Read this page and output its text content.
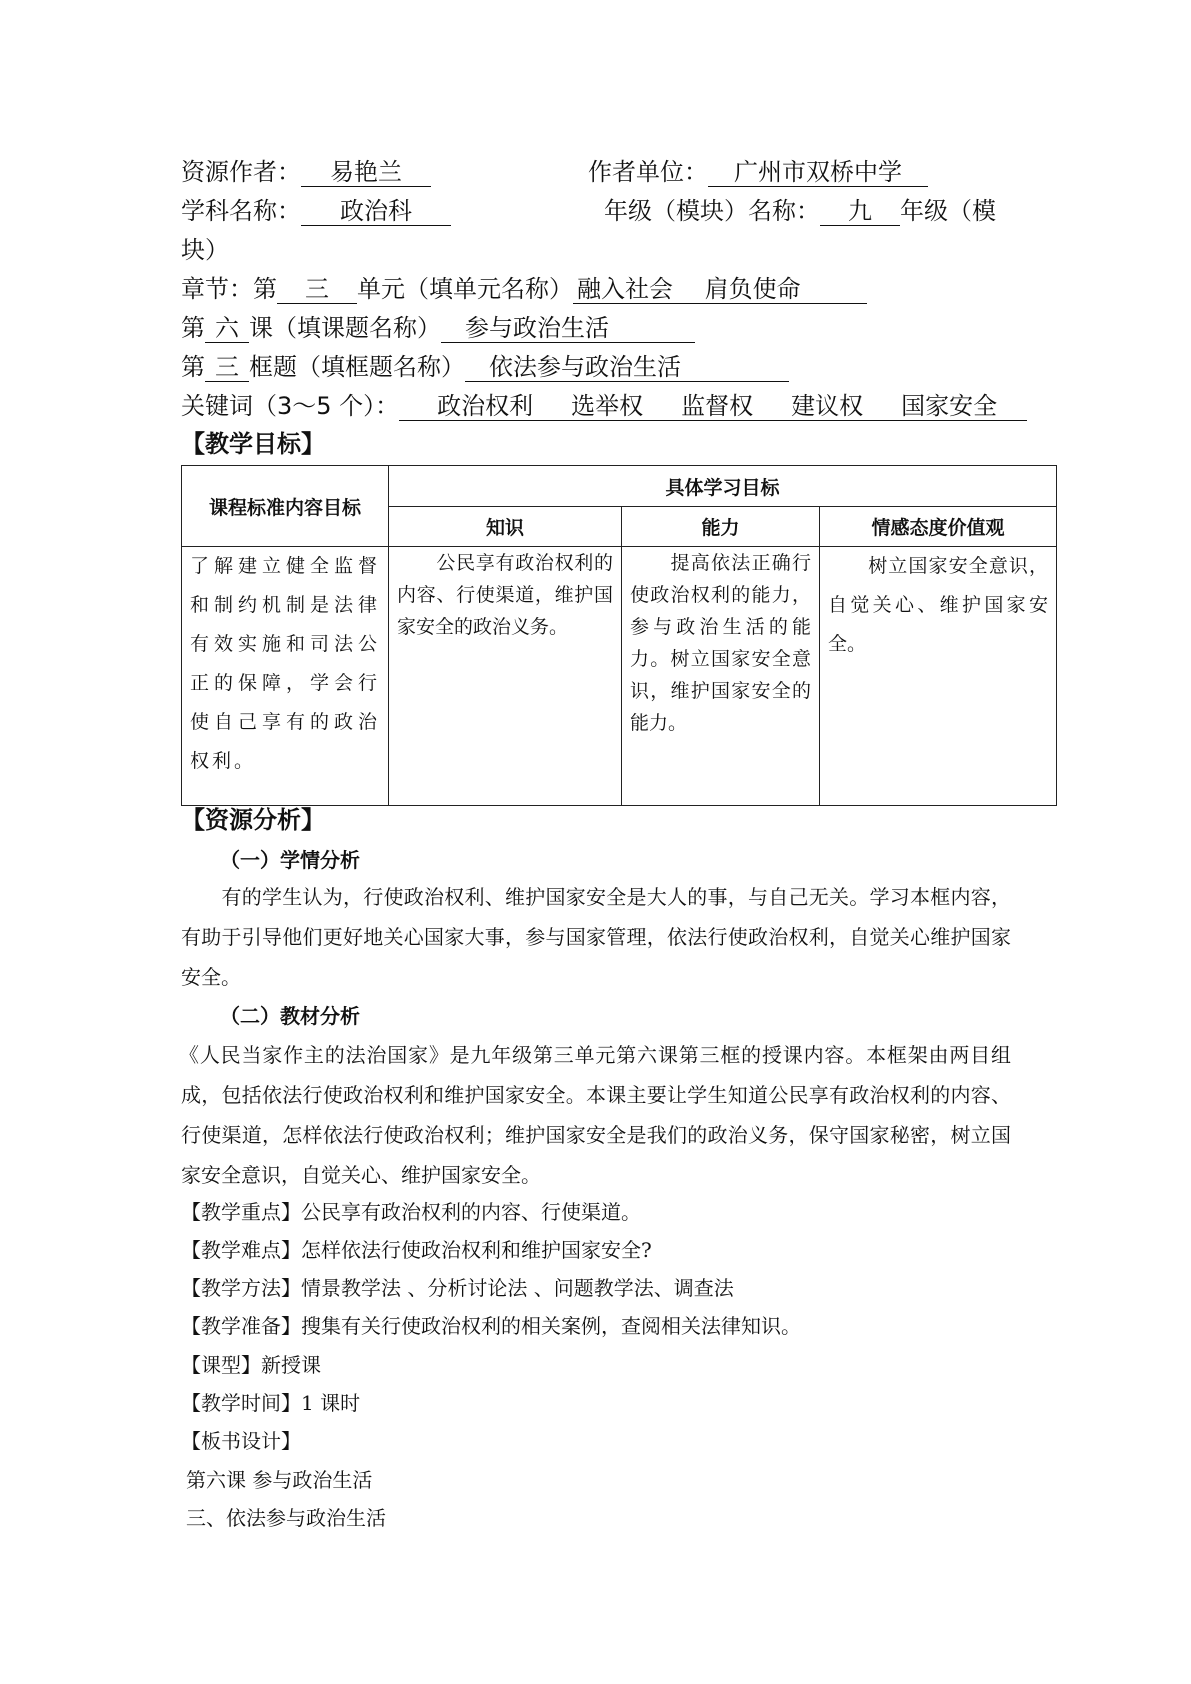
资源作者： 易艳兰	作者单位： 广州市双桥中学
学科名称： 政治科	年级（模块）名称： 九 年级（模
块）
章节：第 三 单元（填单元名称） 融入社会　 肩负使命
第 六 课（填课题名称） 参与政治生活
第 三 框题（填框题名称） 依法参与政治生活
关键词（3～5 个）： 政治权利 选举权 监督权 建议权 国家安全
【教学目标】
课程标准内容目标	具体学习目标		
	知识	能力	情感态度价值观

了解建立健全监督和制约机制是法律有效实施和司法公正的保障，学会行使自己享有的政治权利。	　　公民享有政治权利的内容、行使渠道，维护国家安全的政治义务。	　　提高依法正确行使政治权利的能力，参与政治生活的能力。树立国家安全意识，维护国家安全的能力。	　　树立国家安全意识，自觉关心、维护国家安全。
【资源分析】
（一）学情分析
　　有的学生认为，行使政治权利、维护国家安全是大人的事，与自己无关。学习本框内容，有助于引导他们更好地关心国家大事，参与国家管理，依法行使政治权利，自觉关心维护国家安全。
（二）教材分析
《人民当家作主的法治国家》是九年级第三单元第六课第三框的授课内容。本框架由两目组成，包括依法行使政治权利和维护国家安全。本课主要让学生知道公民享有政治权利的内容、行使渠道，怎样依法行使政治权利；维护国家安全是我们的政治义务，保守国家秘密，树立国家安全意识，自觉关心、维护国家安全。
【教学重点】公民享有政治权利的内容、行使渠道。
【教学难点】怎样依法行使政治权利和维护国家安全?
【教学方法】情景教学法 、分析讨论法 、问题教学法、调查法
【教学准备】搜集有关行使政治权利的相关案例，查阅相关法律知识。
【课型】新授课
【教学时间】1 课时
【板书设计】
第六课 参与政治生活
三、依法参与政治生活
